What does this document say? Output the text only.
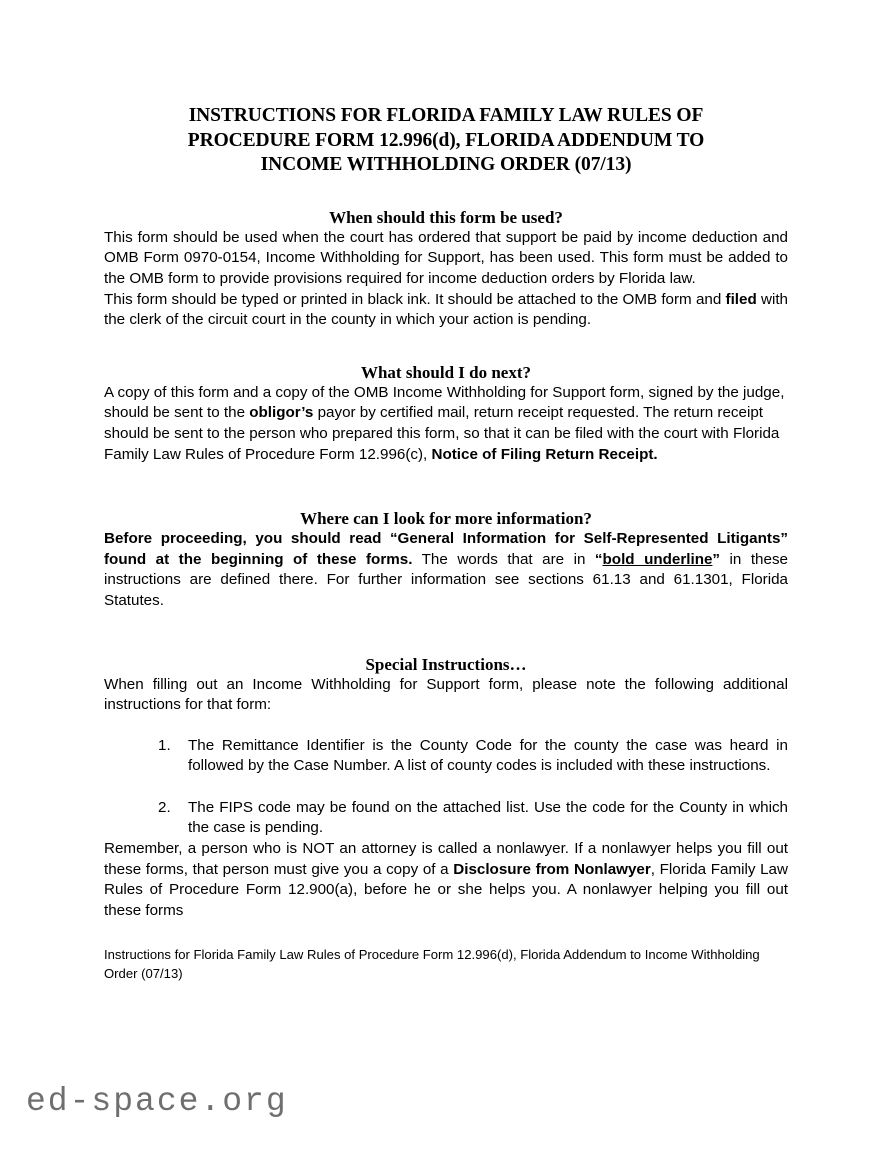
INSTRUCTIONS FOR FLORIDA FAMILY LAW RULES OF
PROCEDURE FORM 12.996(d), FLORIDA ADDENDUM TO
INCOME WITHHOLDING ORDER (07/13)
When should this form be used?

This form should be used when the court has ordered that support be paid by income deduction and OMB Form 0970-0154, Income Withholding for Support, has been used. This form must be added to the OMB form to provide provisions required for income deduction orders by Florida law.

This form should be typed or printed in black ink. It should be attached to the OMB form and filed with the clerk of the circuit court in the county in which your action is pending.

What should I do next?

A copy of this form and a copy of the OMB Income Withholding for Support form, signed by the judge, should be sent to the obligor’s payor by certified mail, return receipt requested. The return receipt should be sent to the person who prepared this form, so that it can be filed with the court with Florida Family Law Rules of Procedure Form 12.996(c), Notice of Filing Return Receipt.

Where can I look for more information?

Before proceeding, you should read “General Information for Self-Represented Litigants” found at the beginning of these forms. The words that are in “bold underline” in these instructions are defined there. For further information see sections 61.13 and 61.1301, Florida Statutes.

Special Instructions…

When filling out an Income Withholding for Support form, please note the following additional instructions for that form:

1.	The Remittance Identifier is the County Code for the county the case was heard in followed by the Case Number. A list of county codes is included with these instructions.
2.	The FIPS code may be found on the attached list. Use the code for the County in which the case is pending.

Remember, a person who is NOT an attorney is called a nonlawyer. If a nonlawyer helps you fill out these forms, that person must give you a copy of a Disclosure from Nonlawyer, Florida Family Law Rules of Procedure Form 12.900(a), before he or she helps you. A nonlawyer helping you fill out these forms

Instructions for Florida Family Law Rules of Procedure Form 12.996(d), Florida Addendum to Income Withholding Order (07/13)

ed-space.org
